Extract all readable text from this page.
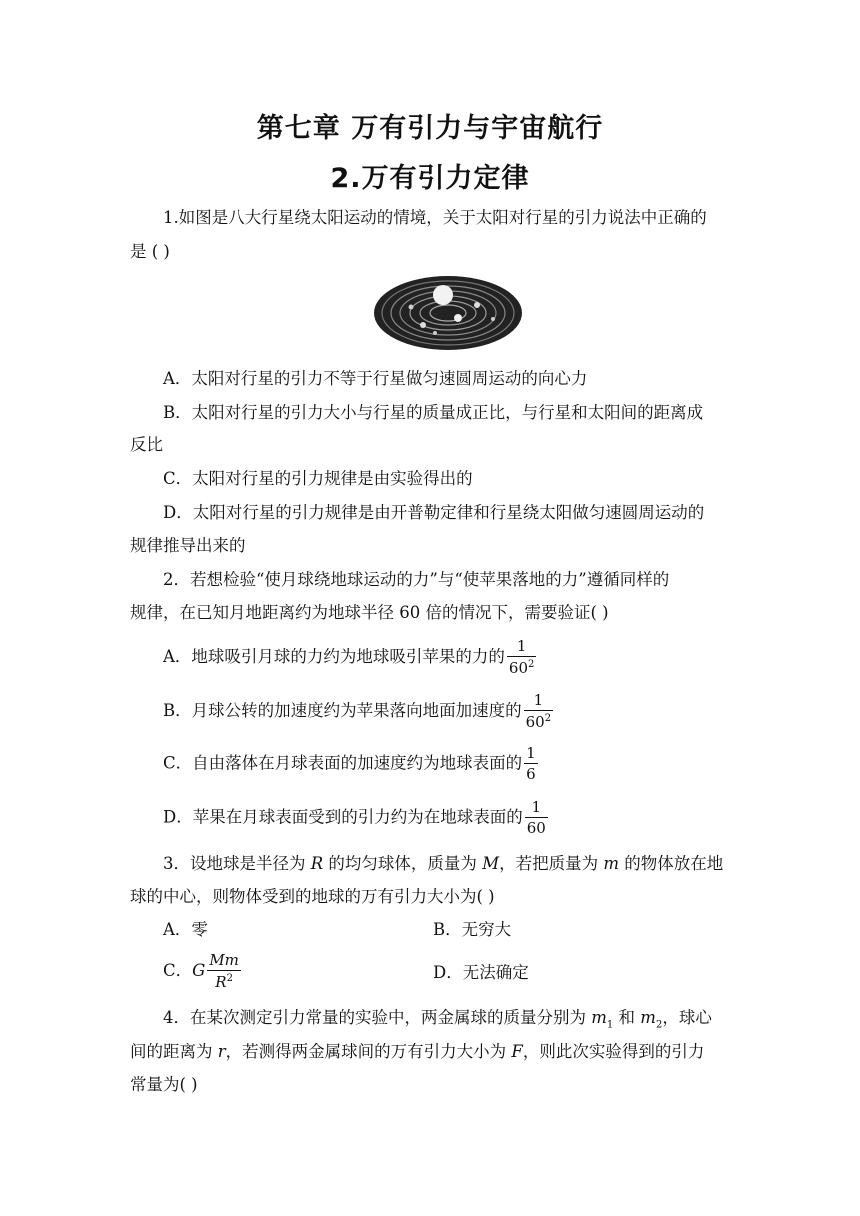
第七章 万有引力与宇宙航行
2.万有引力定律
1.如图是八大行星绕太阳运动的情境，关于太阳对行星的引力说法中正确的
是 ( )
A．太阳对行星的引力不等于行星做匀速圆周运动的向心力
B．太阳对行星的引力大小与行星的质量成正比，与行星和太阳间的距离成
反比
C．太阳对行星的引力规律是由实验得出的
D．太阳对行星的引力规律是由开普勒定律和行星绕太阳做匀速圆周运动的
规律推导出来的
2．若想检验“使月球绕地球运动的力”与“使苹果落地的力”遵循同样的
规律，在已知月地距离约为地球半径 60 倍的情况下，需要验证( )
A．地球吸引月球的力约为地球吸引苹果的力的 $\frac{1}{60^2}$
B．月球公转的加速度约为苹果落向地面加速度的 $\frac{1}{60^2}$
C．自由落体在月球表面的加速度约为地球表面的 $\frac{1}{6}$
D．苹果在月球表面受到的引力约为在地球表面的 $\frac{1}{60}$
3．设地球是半径为 R 的均匀球体，质量为 M，若把质量为 m 的物体放在地
球的中心，则物体受到的地球的万有引力大小为( )
A．零	B．无穷大
C．G $\frac{Mm}{R^2}$	D．无法确定
4．在某次测定引力常量的实验中，两金属球的质量分别为 $m_1$ 和 $m_2$，球心
间的距离为 r，若测得两金属球间的万有引力大小为 F，则此次实验得到的引力
常量为( )
